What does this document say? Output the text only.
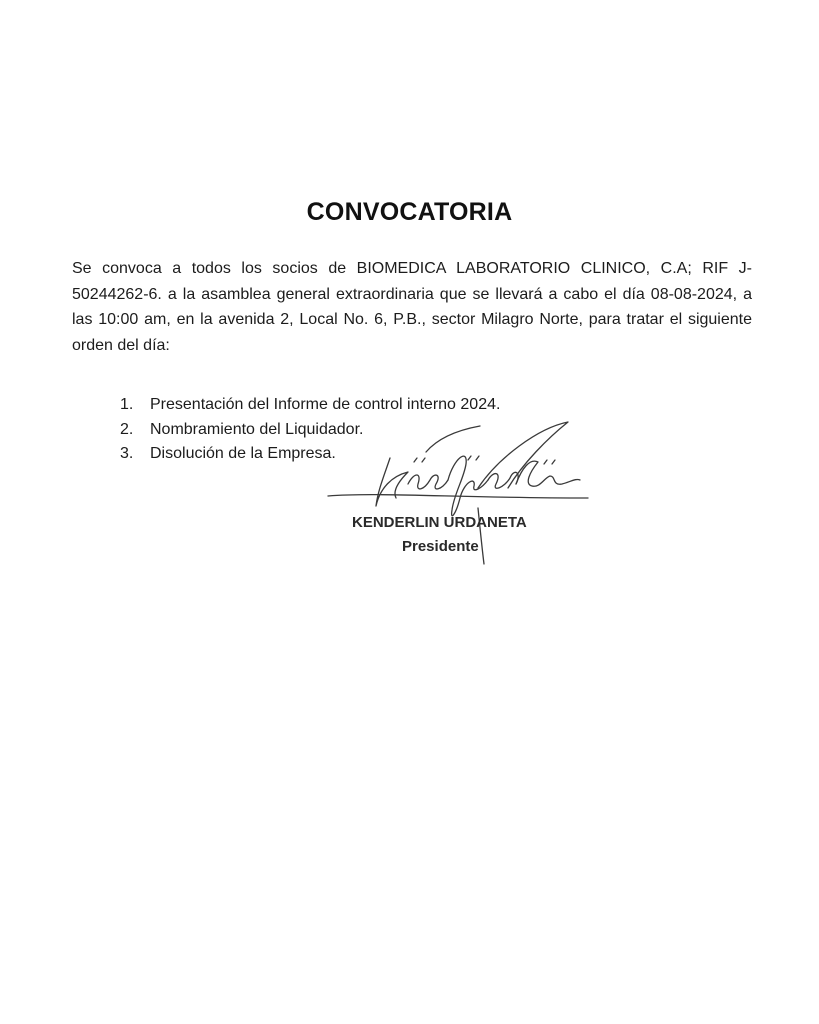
CONVOCATORIA
Se convoca a todos los socios de BIOMEDICA LABORATORIO CLINICO, C.A; RIF J-50244262-6. a la asamblea general extraordinaria que se llevará a cabo el día 08-08-2024, a las 10:00 am, en la avenida 2, Local No. 6, P.B., sector Milagro Norte, para tratar el siguiente orden del día:
1.	Presentación del Informe de control interno 2024.
2.	Nombramiento del Liquidador.
3.	Disolución de la Empresa.
KENDERLIN URDANETA
Presidente
